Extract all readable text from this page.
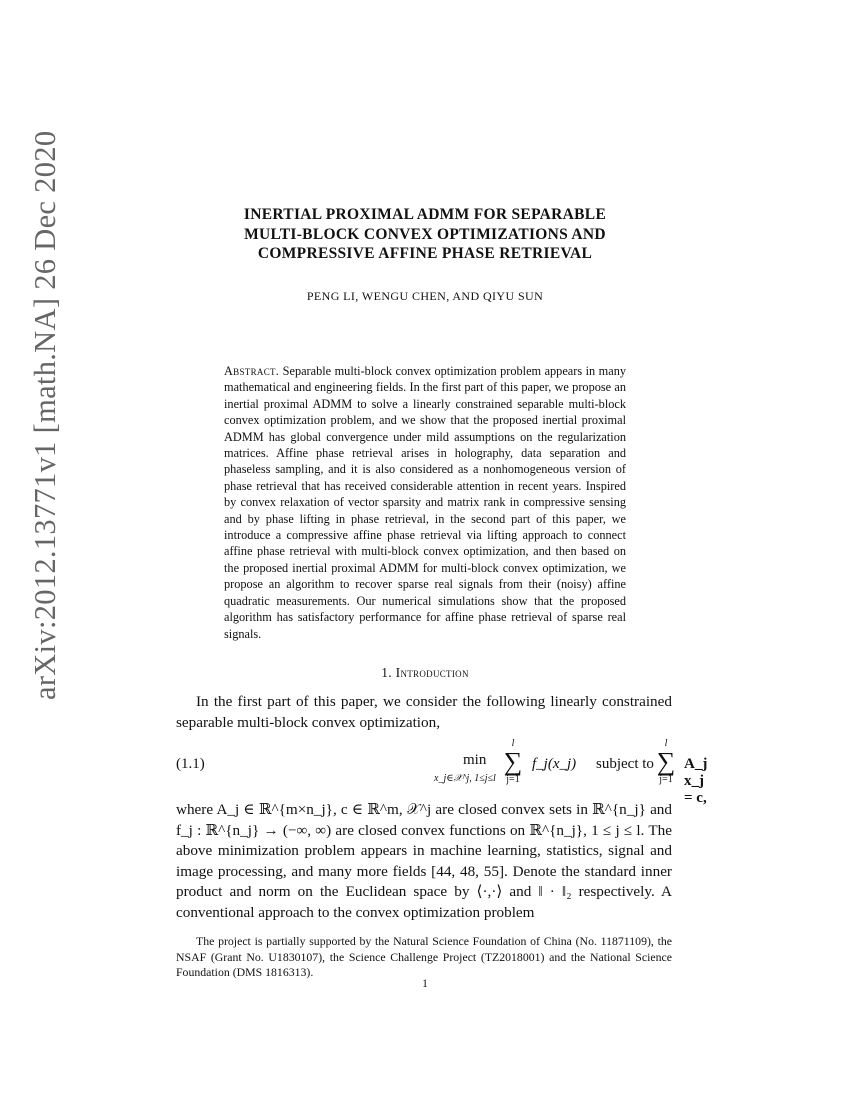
arXiv:2012.13771v1 [math.NA] 26 Dec 2020	INERTIAL PROXIMAL ADMM FOR SEPARABLE
MULTI-BLOCK CONVEX OPTIMIZATIONS AND
COMPRESSIVE AFFINE PHASE RETRIEVAL
PENG LI, WENGU CHEN, AND QIYU SUN
Abstract. Separable multi-block convex optimization problem appears in many mathematical and engineering fields. In the first part of this paper, we propose an inertial proximal ADMM to solve a linearly constrained separable multi-block convex optimization problem, and we show that the proposed inertial proximal ADMM has global convergence under mild assumptions on the regularization matrices. Affine phase retrieval arises in holography, data separation and phaseless sampling, and it is also considered as a nonhomogeneous version of phase retrieval that has received considerable attention in recent years. Inspired by convex relaxation of vector sparsity and matrix rank in compressive sensing and by phase lifting in phase retrieval, in the second part of this paper, we introduce a compressive affine phase retrieval via lifting approach to connect affine phase retrieval with multi-block convex optimization, and then based on the proposed inertial proximal ADMM for multi-block convex optimization, we propose an algorithm to recover sparse real signals from their (noisy) affine quadratic measurements. Our numerical simulations show that the proposed algorithm has satisfactory performance for affine phase retrieval of sparse real signals.
1. Introduction
In the first part of this paper, we consider the following linearly constrained separable multi-block convex optimization,
(1.1)	min
x_j∈𝒳^j, 1≤j≤l
l
∑
j=1
f_j(x_j) subject to
l
∑
j=1
A_j x_j = c,
where A_j ∈ ℝ^{m×n_j}, c ∈ ℝ^m, 𝒳^j are closed convex sets in ℝ^{n_j} and f_j : ℝ^{n_j} → (−∞, ∞) are closed convex functions on ℝ^{n_j}, 1 ≤ j ≤ l. The above minimization problem appears in machine learning, statistics, signal and image processing, and many more fields [44, 48, 55]. Denote the standard inner product and norm on the Euclidean space by ⟨·,·⟩ and ‖ · ‖₂ respectively. A conventional approach to the convex optimization problem
The project is partially supported by the Natural Science Foundation of China (No. 11871109), the NSAF (Grant No. U1830107), the Science Challenge Project (TZ2018001) and the National Science Foundation (DMS 1816313).
1
